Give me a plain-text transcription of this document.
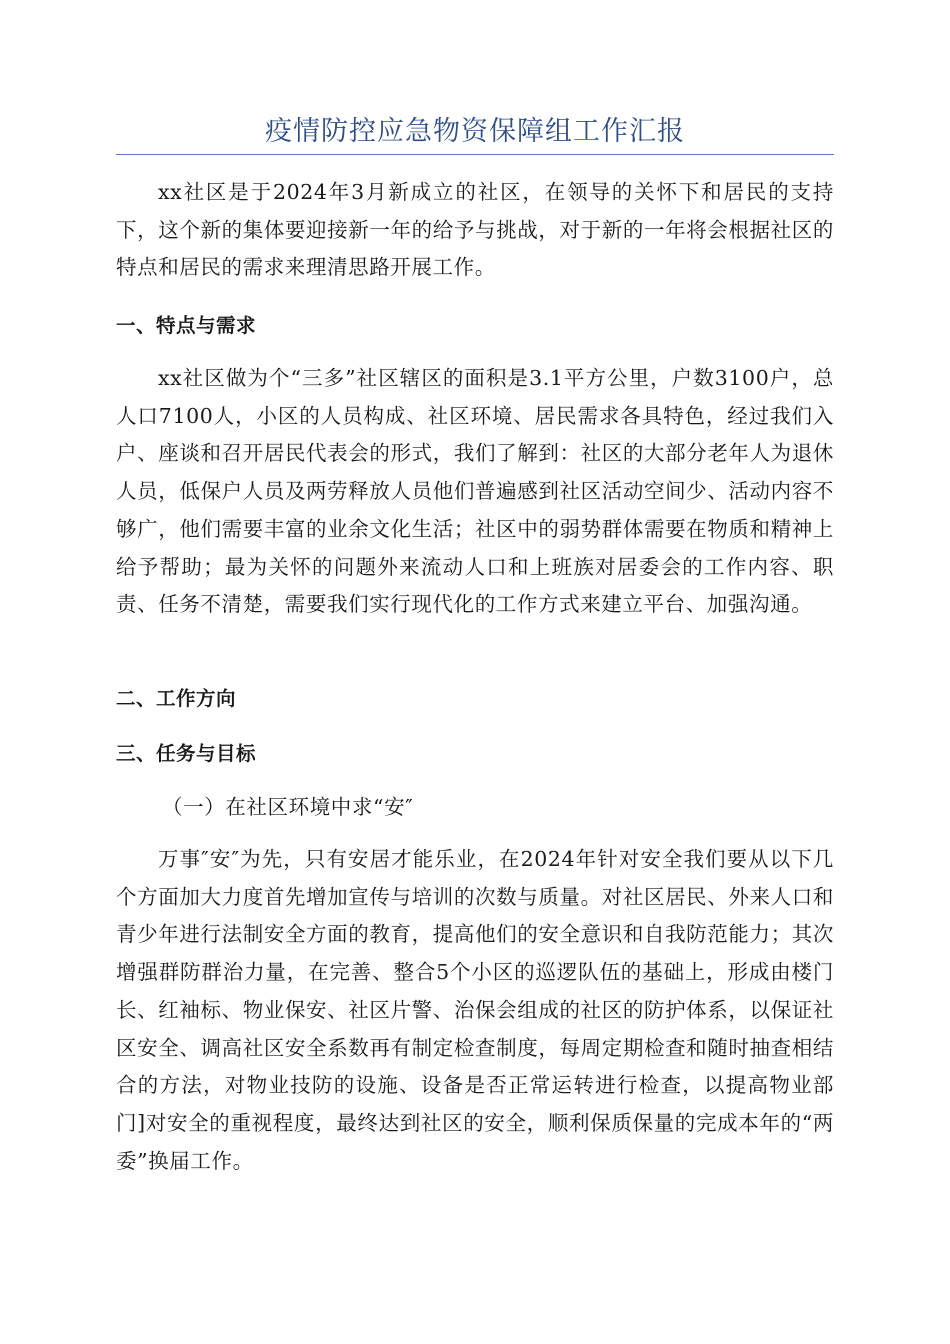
疫情防控应急物资保障组工作汇报

xx社区是于2024年3月新成立的社区，在领导的关怀下和居民的支持下，这个新的集体要迎接新一年的给予与挑战，对于新的一年将会根据社区的特点和居民的需求来理清思路开展工作。

一、特点与需求

xx社区做为个“三多”社区辖区的面积是3.1平方公里，户数3100户，总人口7100人，小区的人员构成、社区环境、居民需求各具特色，经过我们入户、座谈和召开居民代表会的形式，我们了解到：社区的大部分老年人为退休人员，低保户人员及两劳释放人员他们普遍感到社区活动空间少、活动内容不够广，他们需要丰富的业余文化生活；社区中的弱势群体需要在物质和精神上给予帮助；最为关怀的问题外来流动人口和上班族对居委会的工作内容、职责、任务不清楚，需要我们实行现代化的工作方式来建立平台、加强沟通。

二、工作方向
三、任务与目标

（一）在社区环境中求“安″

万事″安″为先，只有安居才能乐业，在2024年针对安全我们要从以下几个方面加大力度首先增加宣传与培训的次数与质量。对社区居民、外来人口和青少年进行法制安全方面的教育，提高他们的安全意识和自我防范能力；其次增强群防群治力量，在完善、整合5个小区的巡逻队伍的基础上，形成由楼门长、红袖标、物业保安、社区片警、治保会组成的社区的防护体系，以保证社区安全、调高社区安全系数再有制定检查制度，每周定期检查和随时抽查相结合的方法，对物业技防的设施、设备是否正常运转进行检查，以提高物业部门]对安全的重视程度，最终达到社区的安全，顺利保质保量的完成本年的“两委”换届工作。
